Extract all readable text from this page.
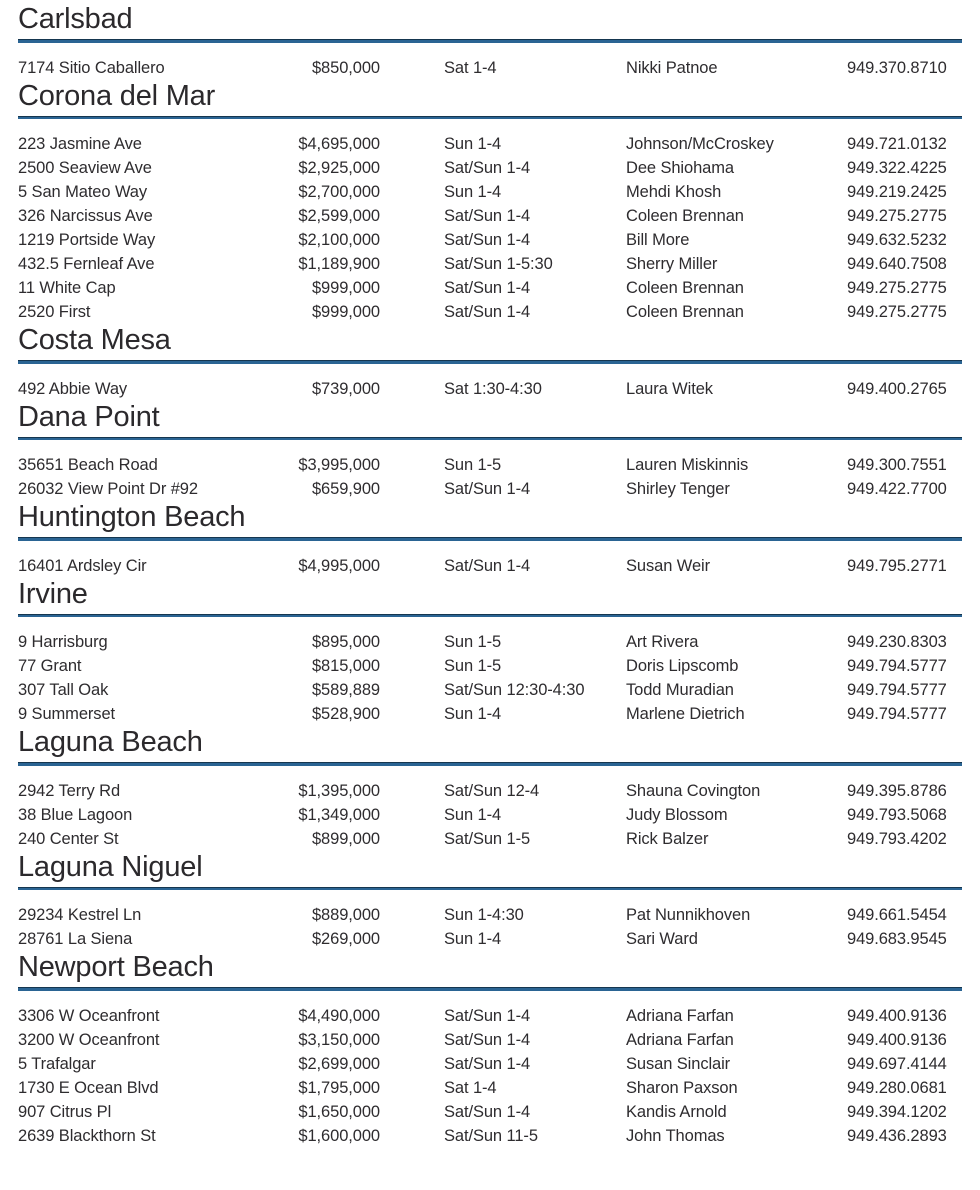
Carlsbad
7174 Sitio Caballero	$850,000	Sat 1-4	Nikki Patnoe	949.370.8710
Corona del Mar
223 Jasmine Ave	$4,695,000	Sun 1-4	Johnson/McCroskey	949.721.0132
2500 Seaview Ave	$2,925,000	Sat/Sun 1-4	Dee Shiohama	949.322.4225
5 San Mateo Way	$2,700,000	Sun 1-4	Mehdi Khosh	949.219.2425
326 Narcissus Ave	$2,599,000	Sat/Sun 1-4	Coleen Brennan	949.275.2775
1219 Portside Way	$2,100,000	Sat/Sun 1-4	Bill More	949.632.5232
432.5 Fernleaf Ave	$1,189,900	Sat/Sun 1-5:30	Sherry Miller	949.640.7508
11 White Cap	$999,000	Sat/Sun 1-4	Coleen Brennan	949.275.2775
2520 First	$999,000	Sat/Sun 1-4	Coleen Brennan	949.275.2775
Costa Mesa
492 Abbie Way	$739,000	Sat 1:30-4:30	Laura Witek	949.400.2765
Dana Point
35651 Beach Road	$3,995,000	Sun 1-5	Lauren Miskinnis	949.300.7551
26032 View Point Dr #92	$659,900	Sat/Sun 1-4	Shirley Tenger	949.422.7700
Huntington Beach
16401 Ardsley Cir	$4,995,000	Sat/Sun 1-4	Susan Weir	949.795.2771
Irvine
9 Harrisburg	$895,000	Sun 1-5	Art Rivera	949.230.8303
77 Grant	$815,000	Sun 1-5	Doris Lipscomb	949.794.5777
307 Tall Oak	$589,889	Sat/Sun 12:30-4:30	Todd Muradian	949.794.5777
9 Summerset	$528,900	Sun 1-4	Marlene Dietrich	949.794.5777
Laguna Beach
2942 Terry Rd	$1,395,000	Sat/Sun 12-4	Shauna Covington	949.395.8786
38 Blue Lagoon	$1,349,000	Sun 1-4	Judy Blossom	949.793.5068
240 Center St	$899,000	Sat/Sun 1-5	Rick Balzer	949.793.4202
Laguna Niguel
29234 Kestrel Ln	$889,000	Sun 1-4:30	Pat Nunnikhoven	949.661.5454
28761 La Siena	$269,000	Sun 1-4	Sari Ward	949.683.9545
Newport Beach
3306 W Oceanfront	$4,490,000	Sat/Sun 1-4	Adriana Farfan	949.400.9136
3200 W Oceanfront	$3,150,000	Sat/Sun 1-4	Adriana Farfan	949.400.9136
5 Trafalgar	$2,699,000	Sat/Sun 1-4	Susan Sinclair	949.697.4144
1730 E Ocean Blvd	$1,795,000	Sat 1-4	Sharon Paxson	949.280.0681
907 Citrus Pl	$1,650,000	Sat/Sun 1-4	Kandis Arnold	949.394.1202
2639 Blackthorn St	$1,600,000	Sat/Sun 11-5	John Thomas	949.436.2893
